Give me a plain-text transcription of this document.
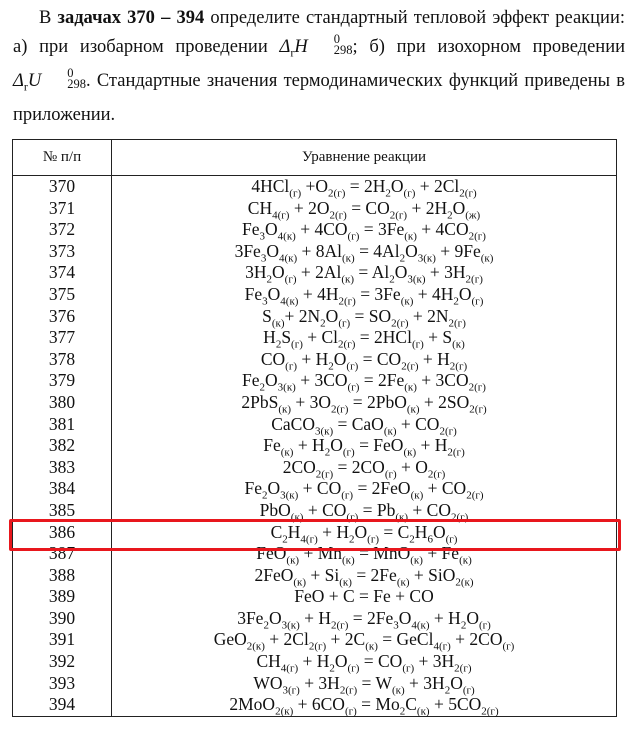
В задачах 370 – 394 определите стандартный тепловой эффект реакции: а) при изобарном проведении $\Delta_rH$	0
298 ; б) при изохорном проведении $\Delta_rU$	0
298 . Стандартные значения термодинамических функций приведены в приложении.

№ п/п	Уравнение реакции
370	$4HCl_{(г)} +O_{2(г)} = 2H_2O_{(г)} + 2Cl_{2(г)}$
371	$CH_{4(г)} + 2O_{2(г)} = CO_{2(г)} + 2H_2O_{(ж)}$
372	$Fe_3O_{4(к)} + 4CO_{(г)} = 3Fe_{(к)} + 4CO_{2(г)}$
373	$3Fe_3O_{4(к)} + 8Al_{(к)} = 4Al_2O_{3(к)} + 9Fe_{(к)}$
374	$3H_2O_{(г)} + 2Al_{(к)} = Al_2O_{3(к)} + 3H_{2(г)}$
375	$Fe_3O_{4(к)} + 4H_{2(г)} = 3Fe_{(к)} + 4H_2O_{(г)}$
376	$S_{(к)}+ 2N_2O_{(г)} = SO_{2(г)} + 2N_{2(г)}$
377	$H_2S_{(г)} + Cl_{2(г)} = 2HCl_{(г)} + S_{(к)}$
378	$CO_{(г)} + H_2O_{(г)} = CO_{2(г)} + H_{2(г)}$
379	$Fe_2O_{3(к)} + 3CO_{(г)} = 2Fe_{(к)} + 3CO_{2(г)}$
380	$2PbS_{(к)} + 3O_{2(г)} = 2PbO_{(к)} + 2SO_{2(г)}$
381	CaCO$_{3(к)}$ = $CaO_{(к)} + CO_{2(г)}$
382	$Fe_{(к)} + H_2O_{(г)} = FeO_{(к)} + H_{2(г)}$
383	$2CO_{2(г)} = 2CO_{(г)} + O_{2(г)}$
384	$Fe_2O_{3(к)} + CO_{(г)} = 2FeO_{(к)} + CO_{2(г)}$
385	$PbO_{(к)} + CO_{(г)} = Pb_{(к)} + CO_{2(г)}$
386	$C_2H_{4(г)} + H_2O_{(г)} = C_2H_6O_{(г)}$
387	$FeO_{(к)} + Mn_{(к)} = MnO_{(к)} + Fe_{(к)}$
388	$2FeO_{(к)} + Si_{(к)} = 2Fe_{(к)} + SiO_{2(к)}$
389	FeO + C = Fe + CO
390	$3Fe_2O_{3(к)} + H_{2(г)} = 2Fe_3O_{4(к)} + H_2O_{(г)}$
391	$GeO_{2(к)} + 2Cl_{2(г)} + 2C_{(к)}$ = GeCl$_{4(г)}$ + $2CO_{(г)}$
392	$CH_{4(г)} + H_2O_{(г)} = CO_{(г)} + 3H_{2(г)}$
393	$WO_{3(г)} + 3H_{2(г)} = W_{(к)} + 3H_2O_{(г)}$
394	$2MoO_{2(к)} + 6CO_{(г)} = Mo_2C_{(к)} + 5CO_{2(г)}$
